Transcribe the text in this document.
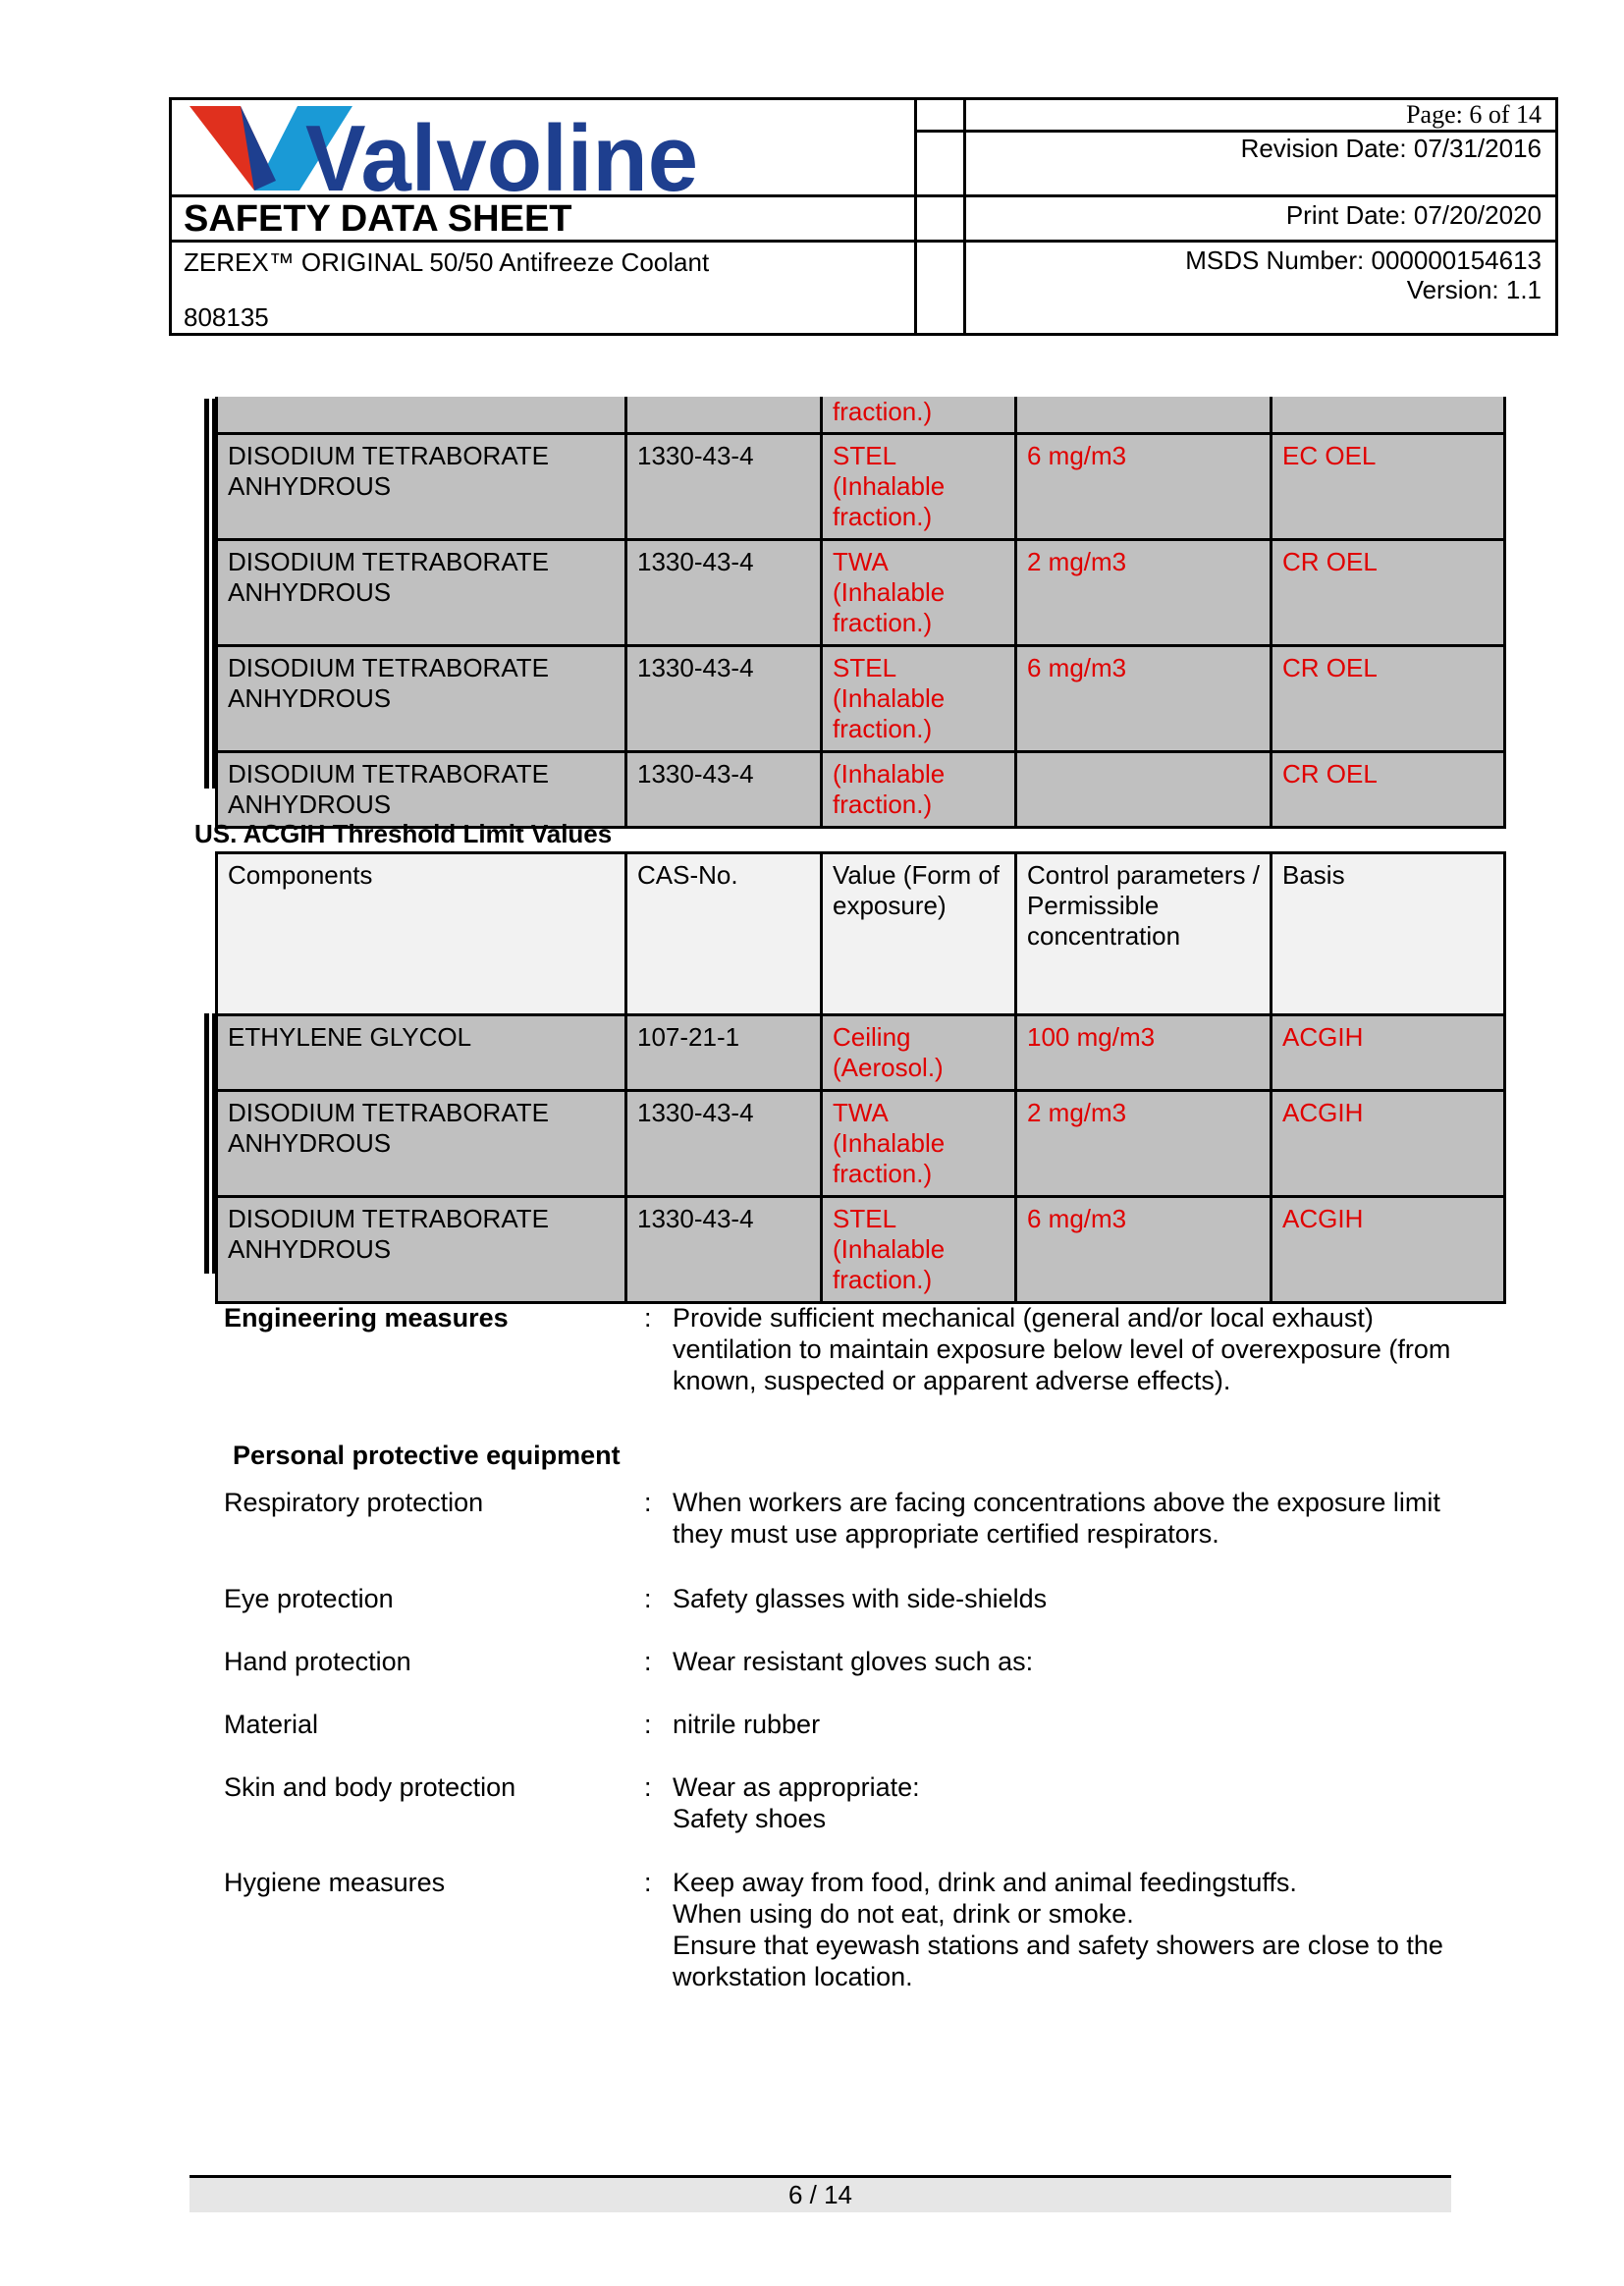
Valvoline
SAFETY DATA SHEET
ZEREX™ ORIGINAL 50/50 Antifreeze Coolant
808135
Page: 6 of 14
Revision Date: 07/31/2016
Print Date: 07/20/2020
MSDS Number: 000000154613
Version: 1.1
		fraction.)		
DISODIUM TETRABORATE ANHYDROUS	1330-43-4	STEL (Inhalable fraction.)	6 mg/m3	EC OEL
DISODIUM TETRABORATE ANHYDROUS	1330-43-4	TWA (Inhalable fraction.)	2 mg/m3	CR OEL
DISODIUM TETRABORATE ANHYDROUS	1330-43-4	STEL (Inhalable fraction.)	6 mg/m3	CR OEL
DISODIUM TETRABORATE ANHYDROUS	1330-43-4	(Inhalable fraction.)		CR OEL
US. ACGIH Threshold Limit Values
Components	CAS-No.	Value (Form of exposure)	Control parameters / Permissible concentration	Basis
ETHYLENE GLYCOL	107-21-1	Ceiling (Aerosol.)	100 mg/m3	ACGIH
DISODIUM TETRABORATE ANHYDROUS	1330-43-4	TWA (Inhalable fraction.)	2 mg/m3	ACGIH
DISODIUM TETRABORATE ANHYDROUS	1330-43-4	STEL (Inhalable fraction.)	6 mg/m3	ACGIH
Engineering measures	: Provide sufficient mechanical (general and/or local exhaust) ventilation to maintain exposure below level of overexposure (from known, suspected or apparent adverse effects).
Personal protective equipment
Respiratory protection	: When workers are facing concentrations above the exposure limit they must use appropriate certified respirators.
Eye protection	: Safety glasses with side-shields
Hand protection	: Wear resistant gloves such as:
Material	: nitrile rubber
Skin and body protection	: Wear as appropriate:
Safety shoes
Hygiene measures	: Keep away from food, drink and animal feedingstuffs.
When using do not eat, drink or smoke.
Ensure that eyewash stations and safety showers are close to the workstation location.
6 / 14
